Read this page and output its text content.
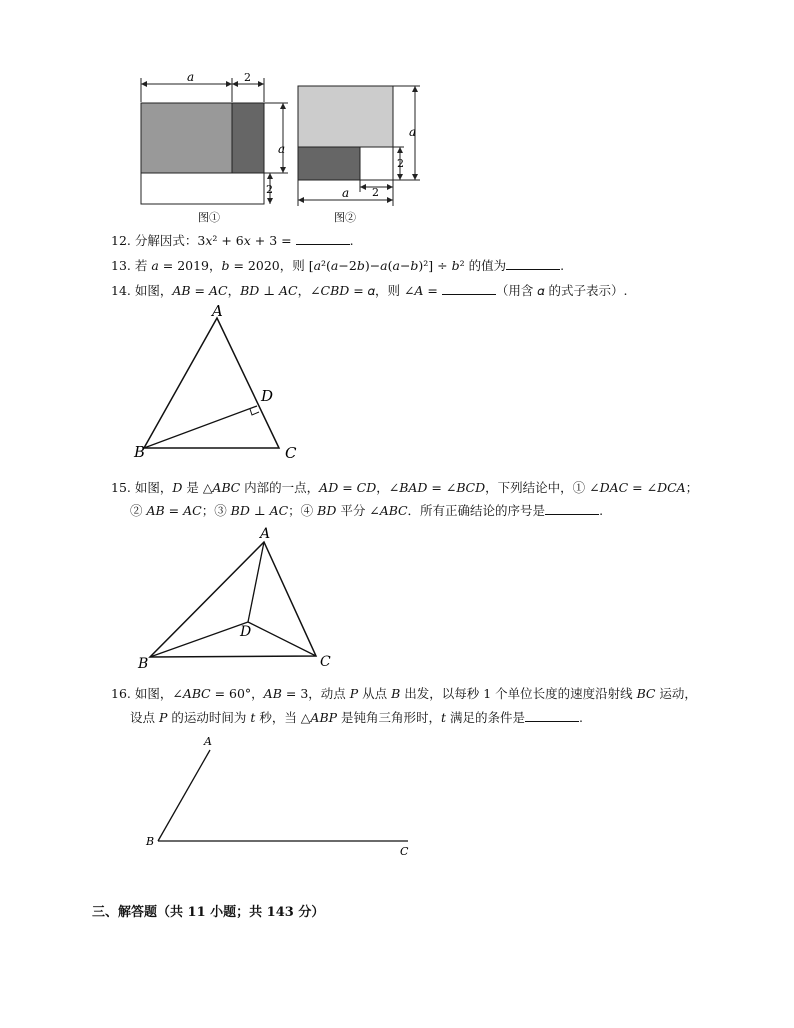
a	2
a
2
图①
a
2
a 2
图②
12. 分解因式：3x² + 6x + 3 =	.
13. 若 𝑎 = 2019，𝑏 = 2020，则 [𝑎²(𝑎−2𝑏)−𝑎(𝑎−𝑏)²] ÷ 𝑏² 的值为	.
14. 如图，𝐴𝐵 = 𝐴𝐶，𝐵𝐷 ⊥ 𝐴𝐶，∠𝐶𝐵𝐷 = 𝛼，则 ∠𝐴 =	（用含 𝛼 的式子表示）.
A
B	C
D
15. 如图，𝐷 是 △𝐴𝐵𝐶 内部的一点，𝐴𝐷 = 𝐶𝐷，∠𝐵𝐴𝐷 = ∠𝐵𝐶𝐷，下列结论中，① ∠𝐷𝐴𝐶 = ∠𝐷𝐶𝐴；
② 𝐴𝐵 = 𝐴𝐶；③ 𝐵𝐷 ⊥ 𝐴𝐶；④ 𝐵𝐷 平分 ∠𝐴𝐵𝐶．所有正确结论的序号是	.
A
B	C
D
16. 如图，∠𝐴𝐵𝐶 = 60°，𝐴𝐵 = 3，动点 𝑃 从点 𝐵 出发，以每秒 1 个单位长度的速度沿射线 𝐵𝐶 运动，
设点 𝑃 的运动时间为 𝑡 秒，当 △𝐴𝐵𝑃 是钝角三角形时，𝑡 满足的条件是	.
A
B
C
三、解答题（共 11 小题；共 143 分）
